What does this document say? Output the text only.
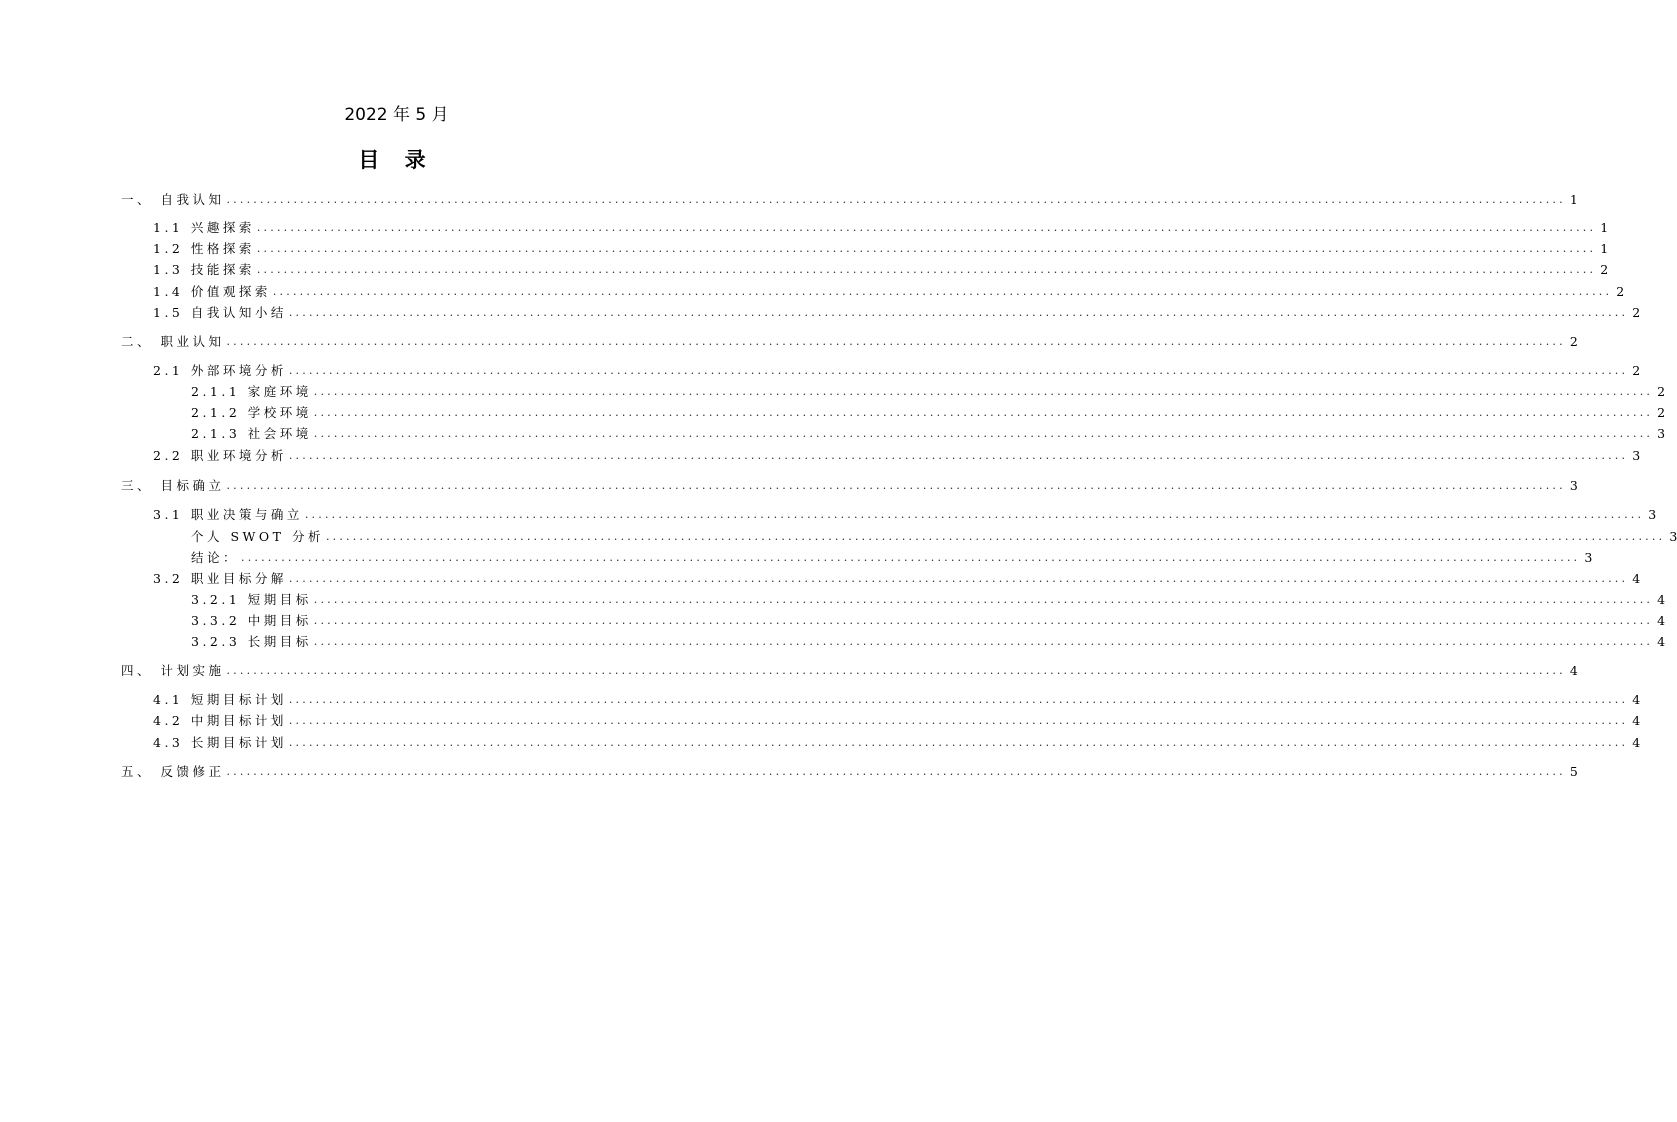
2022 年 5 月
目 录
一、 自我认知 ........................................................................................................................................................................................................ 1
1.1 兴趣探索 ........................................................................................................................................................................................................ 1
1.2 性格探索 ........................................................................................................................................................................................................ 1
1.3 技能探索 ........................................................................................................................................................................................................ 2
1.4 价值观探索 ........................................................................................................................................................................................................ 2
1.5 自我认知小结 ........................................................................................................................................................................................................ 2
二、 职业认知 ........................................................................................................................................................................................................ 2
2.1 外部环境分析 ........................................................................................................................................................................................................ 2
2.1.1 家庭环境 ........................................................................................................................................................................................................ 2
2.1.2 学校环境 ........................................................................................................................................................................................................ 2
2.1.3 社会环境 ........................................................................................................................................................................................................ 3
2.2 职业环境分析 ........................................................................................................................................................................................................ 3
三、 目标确立 ........................................................................................................................................................................................................ 3
3.1 职业决策与确立 ........................................................................................................................................................................................................ 3
个人 SWOT 分析 ........................................................................................................................................................................................................ 3
结论： ........................................................................................................................................................................................................ 3
3.2 职业目标分解 ........................................................................................................................................................................................................ 4
3.2.1 短期目标 ........................................................................................................................................................................................................ 4
3.3.2 中期目标 ........................................................................................................................................................................................................ 4
3.2.3 长期目标 ........................................................................................................................................................................................................ 4
四、 计划实施 ........................................................................................................................................................................................................ 4
4.1 短期目标计划 ........................................................................................................................................................................................................ 4
4.2 中期目标计划 ........................................................................................................................................................................................................ 4
4.3 长期目标计划 ........................................................................................................................................................................................................ 4
五、 反馈修正 ........................................................................................................................................................................................................ 5
